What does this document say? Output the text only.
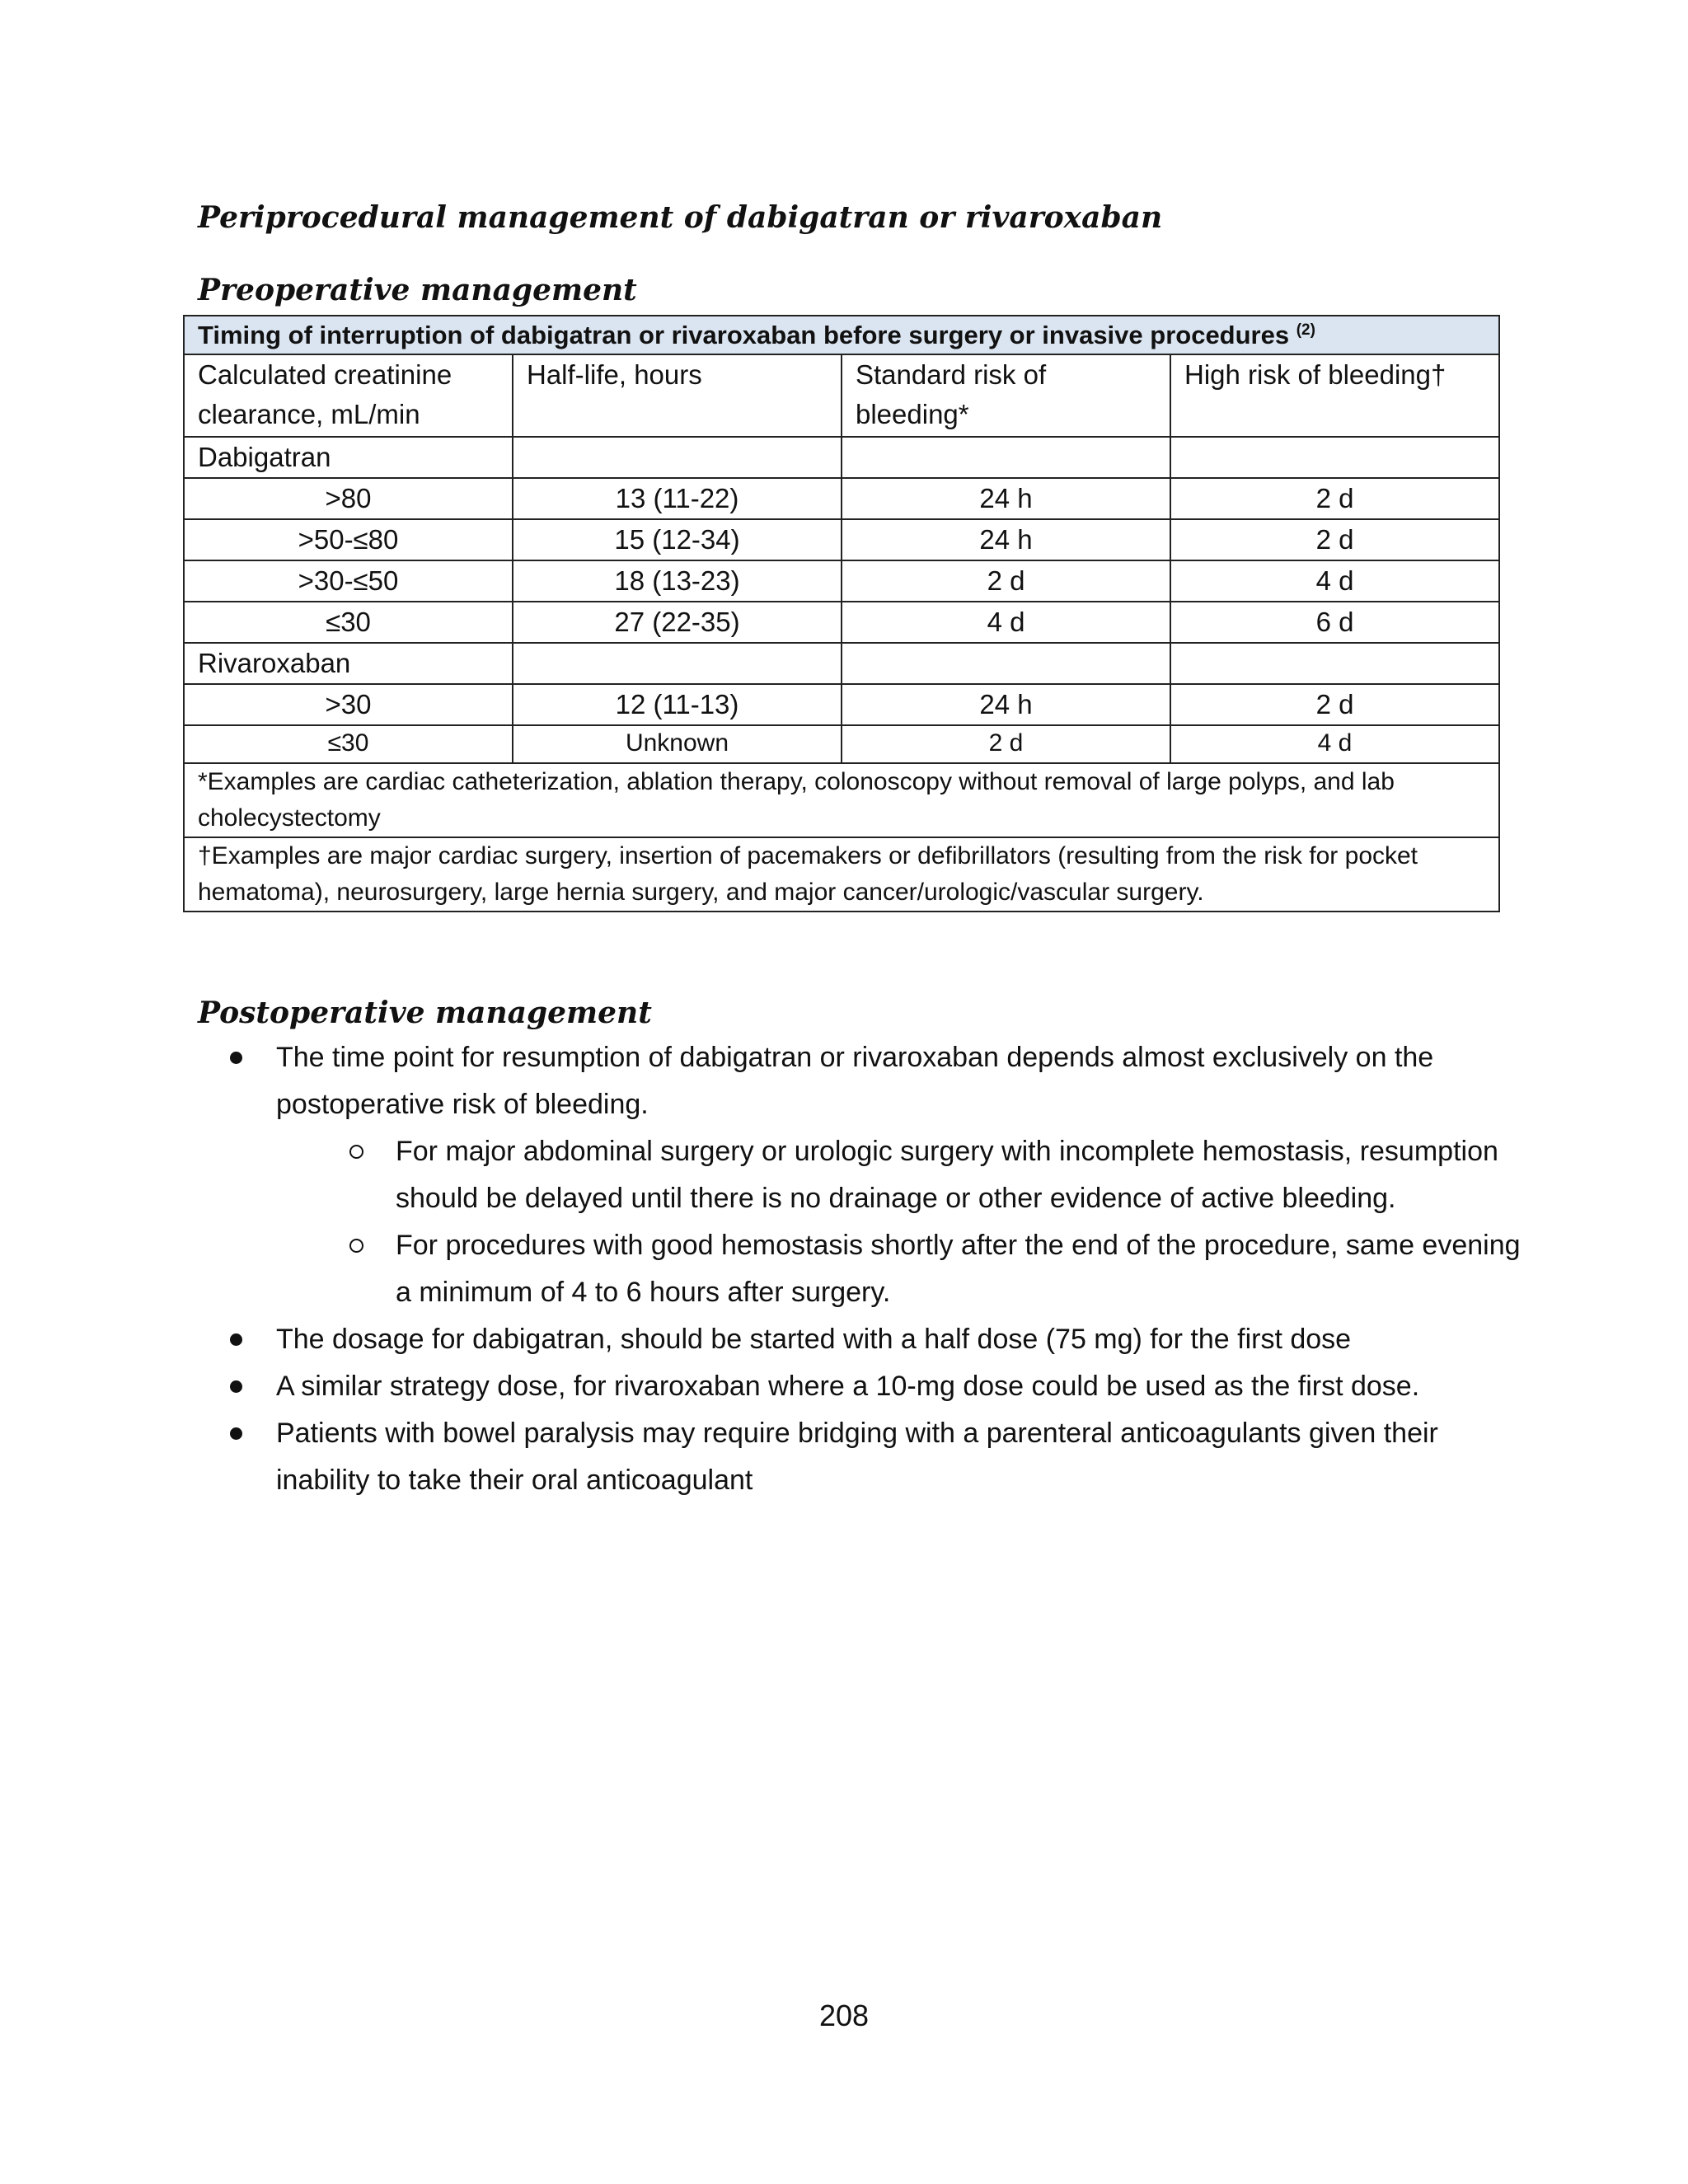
Periprocedural management of dabigatran or rivaroxaban
Preoperative management
Timing of interruption of dabigatran or rivaroxaban before surgery or invasive procedures $^{(2)}$
Calculated creatinine clearance, mL/min	Half-life, hours	Standard risk of bleeding*	High risk of bleeding†
Dabigatran			
>80	13 (11-22)	24 h	2 d
>50-≤80	15 (12-34)	24 h	2 d
>30-≤50	18 (13-23)	2 d	4 d
≤30	27 (22-35)	4 d	6 d
Rivaroxaban			
>30	12 (11-13)	24 h	2 d
≤30	Unknown	2 d	4 d
*Examples are cardiac catheterization, ablation therapy, colonoscopy without removal of large polyps, and lab cholecystectomy			
†Examples are major cardiac surgery, insertion of pacemakers or defibrillators (resulting from the risk for pocket hematoma), neurosurgery, large hernia surgery, and major cancer/urologic/vascular surgery.			
Postoperative management
The time point for resumption of dabigatran or rivaroxaban depends almost exclusively on the postoperative risk of bleeding.
For major abdominal surgery or urologic surgery with incomplete hemostasis, resumption should be delayed until there is no drainage or other evidence of active bleeding.
For procedures with good hemostasis shortly after the end of the procedure, same evening a minimum of 4 to 6 hours after surgery.
The dosage for dabigatran, should be started with a half dose (75 mg) for the first dose
A similar strategy dose, for rivaroxaban where a 10-mg dose could be used as the first dose.
Patients with bowel paralysis may require bridging with a parenteral anticoagulants given their inability to take their oral anticoagulant
208
